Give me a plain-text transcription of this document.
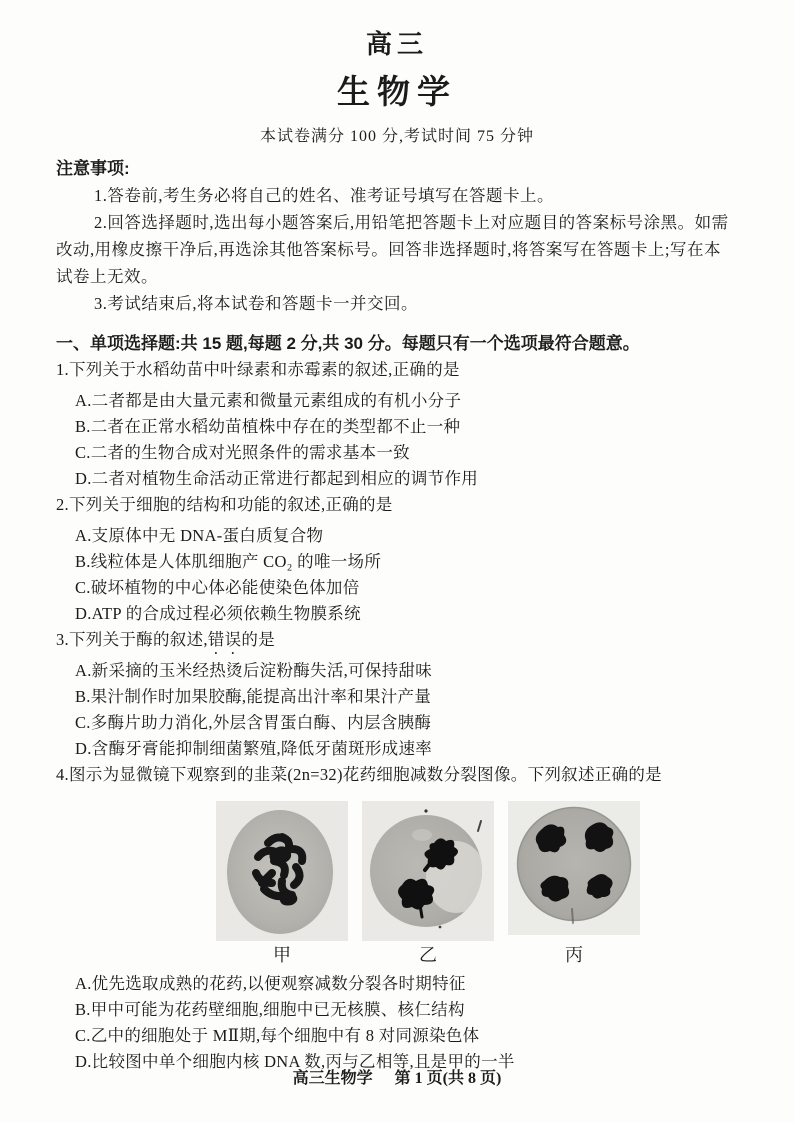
高三
生物学
本试卷满分 100 分,考试时间 75 分钟
注意事项:
1.答卷前,考生务必将自己的姓名、准考证号填写在答题卡上。
2.回答选择题时,选出每小题答案后,用铅笔把答题卡上对应题目的答案标号涂黑。如需
改动,用橡皮擦干净后,再选涂其他答案标号。回答非选择题时,将答案写在答题卡上;写在本
试卷上无效。
3.考试结束后,将本试卷和答题卡一并交回。
一、单项选择题:共 15 题,每题 2 分,共 30 分。每题只有一个选项最符合题意。
1.下列关于水稻幼苗中叶绿素和赤霉素的叙述,正确的是
A.二者都是由大量元素和微量元素组成的有机小分子
B.二者在正常水稻幼苗植株中存在的类型都不止一种
C.二者的生物合成对光照条件的需求基本一致
D.二者对植物生命活动正常进行都起到相应的调节作用
2.下列关于细胞的结构和功能的叙述,正确的是
A.支原体中无 DNA-蛋白质复合物
B.线粒体是人体肌细胞产 CO₂ 的唯一场所
C.破坏植物的中心体必能使染色体加倍
D.ATP 的合成过程必须依赖生物膜系统
3.下列关于酶的叙述,错误的是
A.新采摘的玉米经热烫后淀粉酶失活,可保持甜味
B.果汁制作时加果胶酶,能提高出汁率和果汁产量
C.多酶片助力消化,外层含胃蛋白酶、内层含胰酶
D.含酶牙膏能抑制细菌繁殖,降低牙菌斑形成速率
4.图示为显微镜下观察到的韭菜(2n=32)花药细胞减数分裂图像。下列叙述正确的是
甲	乙	丙
A.优先选取成熟的花药,以便观察减数分裂各时期特征
B.甲中可能为花药壁细胞,细胞中已无核膜、核仁结构
C.乙中的细胞处于 MⅡ期,每个细胞中有 8 对同源染色体
D.比较图中单个细胞内核 DNA 数,丙与乙相等,且是甲的一半
高三生物学 第 1 页(共 8 页)
